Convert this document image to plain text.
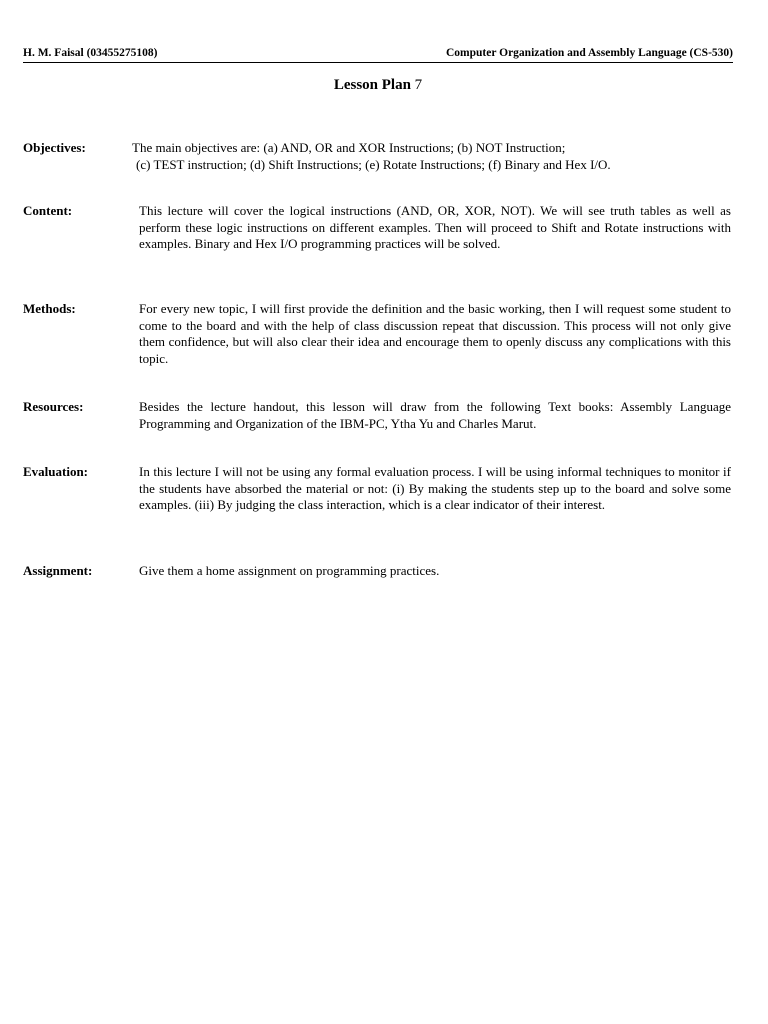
H. M. Faisal (03455275108)	Computer Organization and Assembly Language (CS-530)
Lesson Plan 7
Objectives:	The main objectives are: (a) AND, OR and XOR Instructions; (b) NOT Instruction;
(c) TEST instruction; (d) Shift Instructions; (e) Rotate Instructions; (f) Binary and Hex I/O.
Content:	This lecture will cover the logical instructions (AND, OR, XOR, NOT). We will see truth tables as well as perform these logic instructions on different examples. Then will proceed to Shift and Rotate instructions with examples. Binary and Hex I/O programming practices will be solved.
Methods:	For every new topic, I will first provide the definition and the basic working, then I will request some student to come to the board and with the help of class discussion repeat that discussion. This process will not only give them confidence, but will also clear their idea and encourage them to openly discuss any complications with this topic.
Resources:	Besides the lecture handout, this lesson will draw from the following Text books: Assembly Language Programming and Organization of the IBM-PC, Ytha Yu and Charles Marut.
Evaluation:	In this lecture I will not be using any formal evaluation process. I will be using informal techniques to monitor if the students have absorbed the material or not: (i) By making the students step up to the board and solve some examples. (iii) By judging the class interaction, which is a clear indicator of their interest.
Assignment:	Give them a home assignment on programming practices.
